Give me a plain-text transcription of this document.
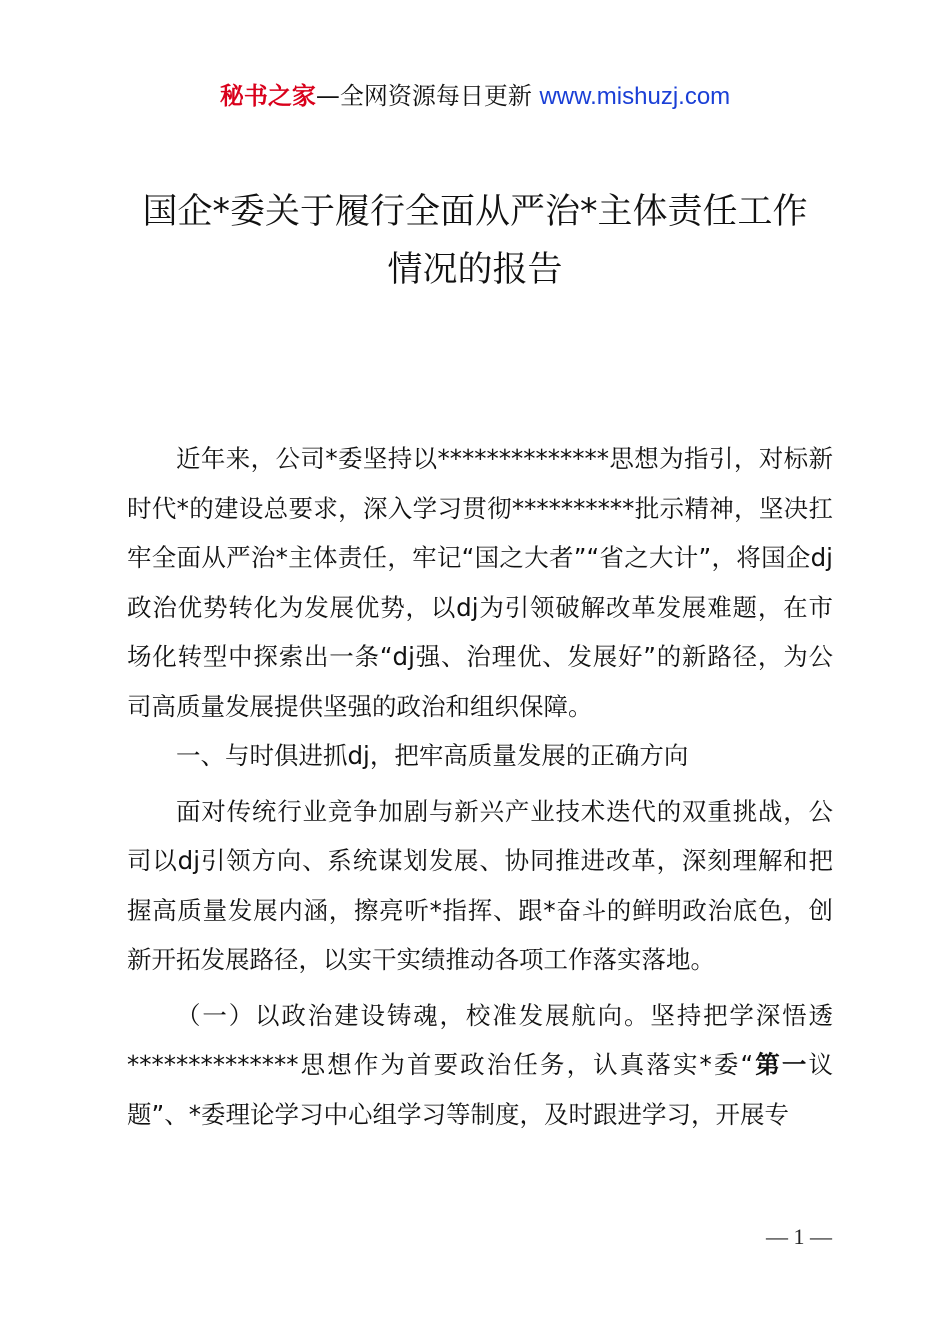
秘书之家—全网资源每日更新 www.mishuzj.com
国企*委关于履行全面从严治*主体责任工作
情况的报告

近年来，公司*委坚持以**************思想为指引，对标新时代*的建设总要求，深入学习贯彻**********批示精神，坚决扛牢全面从严治*主体责任，牢记“国之大者”“省之大计”，将国企dj政治优势转化为发展优势，以dj为引领破解改革发展难题，在市场化转型中探索出一条“dj强、治理优、发展好”的新路径，为公司高质量发展提供坚强的政治和组织保障。

一、与时俱进抓dj，把牢高质量发展的正确方向

面对传统行业竞争加剧与新兴产业技术迭代的双重挑战，公司以dj引领方向、系统谋划发展、协同推进改革，深刻理解和把握高质量发展内涵，擦亮听*指挥、跟*奋斗的鲜明政治底色，创新开拓发展路径，以实干实绩推动各项工作落实落地。

（一）以政治建设铸魂，校准发展航向。坚持把学深悟透**************思想作为首要政治任务，认真落实*委“第一议题”、*委理论学习中心组学习等制度，及时跟进学习，开展专

— 1 —
